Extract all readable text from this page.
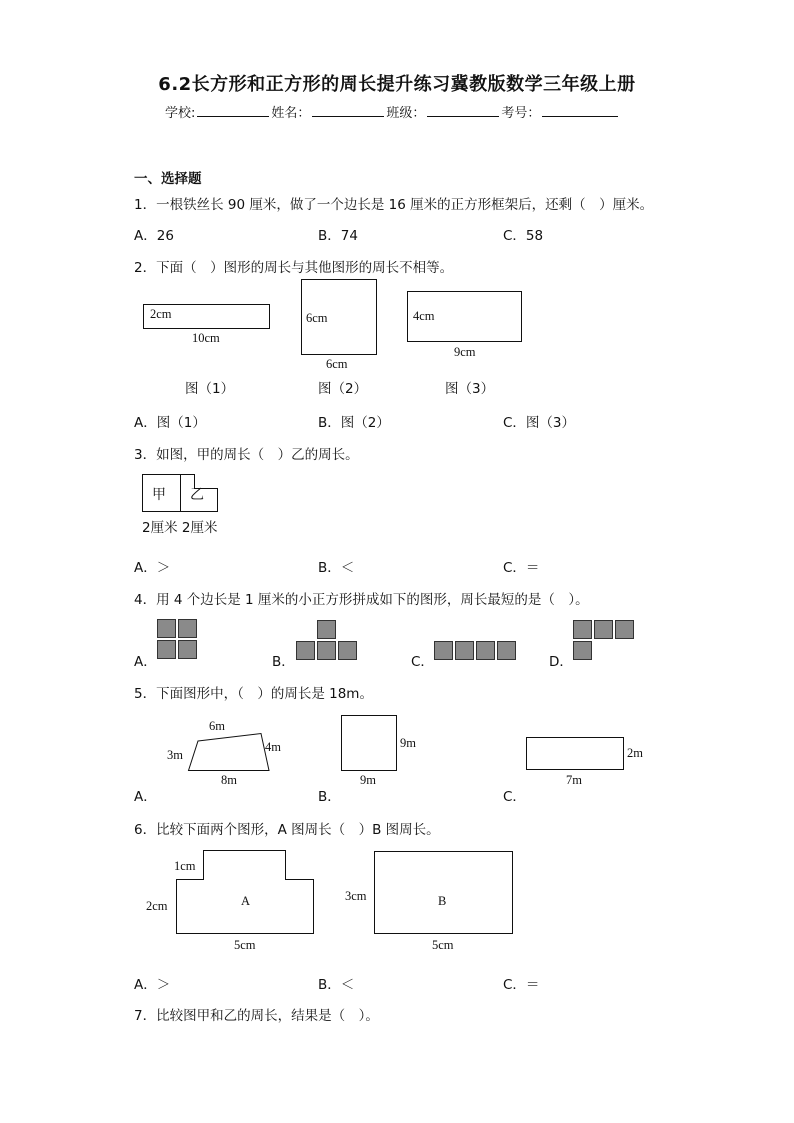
6.2长方形和正方形的周长提升练习冀教版数学三年级上册
学校:	姓名：	班级：	考号：
一、选择题
1．一根铁丝长 90 厘米，做了一个边长是 16 厘米的正方形框架后，还剩（　）厘米。
A．26	B．74	C．58
2．下面（　）图形的周长与其他图形的周长不相等。
2cm
10cm
6cm
6cm
4cm
9cm
图（1）	图（2）	图（3）
A．图（1）	B．图（2）	C．图（3）
3．如图，甲的周长（　）乙的周长。
甲 乙
2厘米 2厘米
A．＞	B．＜	C．＝
4．用 4 个边长是 1 厘米的小正方形拼成如下的图形，周长最短的是（　）。
A．	B．	C．	D．
5．下面图形中，（　）的周长是 18m。
6m
3m
4m
8m
9m
9m
2m
7m
A．	B．	C．
6．比较下面两个图形，A 图周长（　）B 图周长。
1cm
2cm	A
5cm
3cm	B
5cm
A．＞	B．＜	C．＝
7．比较图甲和乙的周长，结果是（　）。
